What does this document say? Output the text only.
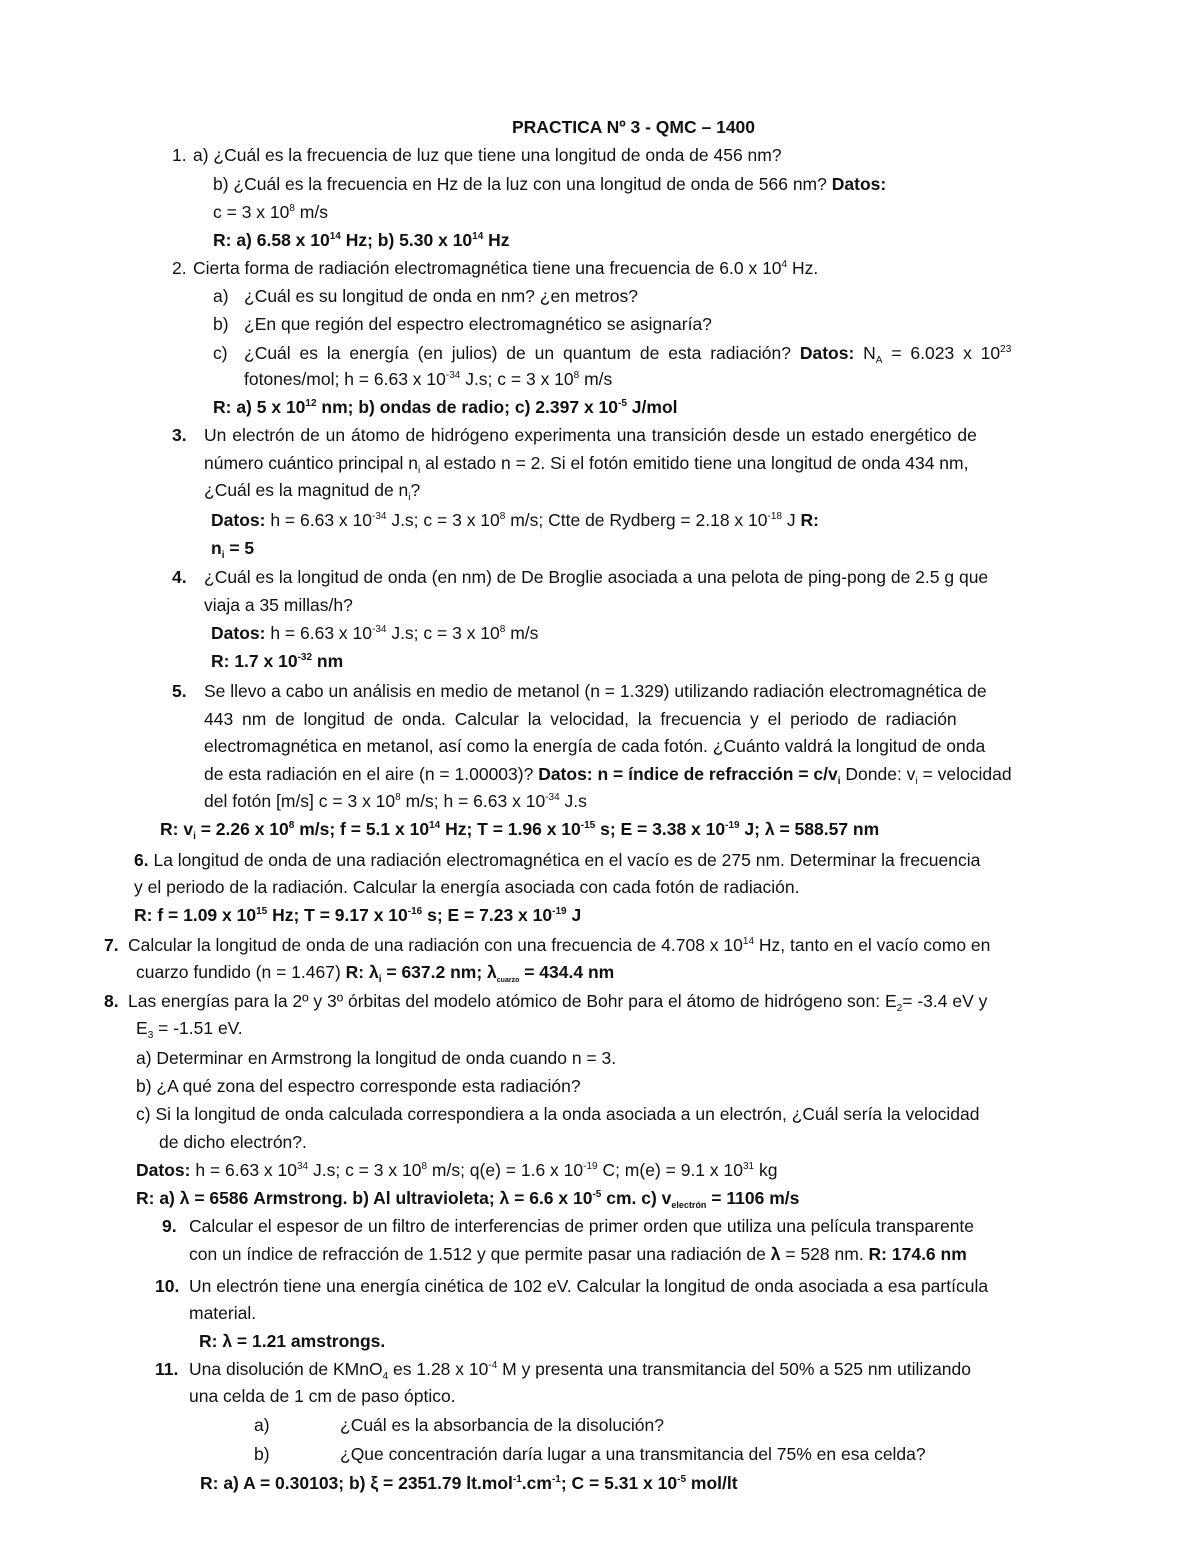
PRACTICA Nº 3 - QMC – 1400
1. a) ¿Cuál es la frecuencia de luz que tiene una longitud de onda de 456 nm?
b) ¿Cuál es la frecuencia en Hz de la luz con una longitud de onda de 566 nm? Datos:
c = 3 x $10^8$ m/s
R: a) 6.58 x $10^{14}$ Hz; b) 5.30 x $10^{14}$ Hz
2. Cierta forma de radiación electromagnética tiene una frecuencia de 6.0 x $10^4$ Hz.
a) ¿Cuál es su longitud de onda en nm? ¿en metros?
b) ¿En que región del espectro electromagnético se asignaría?
c) ¿Cuál es la energía (en julios) de un quantum de esta radiación? Datos: $N_A = 6.023$ x $10^{23}$
fotones/mol; h = 6.63 x $10^{-34}$ J.s; c = 3 x $10^8$ m/s
R: a) 5 x $10^{12}$ nm; b) ondas de radio; c) 2.397 x $10^{-5}$ J/mol
3. Un electrón de un átomo de hidrógeno experimenta una transición desde un estado energético de
número cuántico principal $n_i$ al estado n = 2. Si el fotón emitido tiene una longitud de onda 434 nm,
¿Cuál es la magnitud de $n_i$?
Datos: h = 6.63 x $10^{-34}$ J.s; c = 3 x $10^8$ m/s; Ctte de Rydberg = 2.18 x $10^{-18}$ J R:
$n_i = 5$
4. ¿Cuál es la longitud de onda (en nm) de De Broglie asociada a una pelota de ping-pong de 2.5 g que
viaja a 35 millas/h?
Datos: h = 6.63 x $10^{-34}$ J.s; c = 3 x $10^8$ m/s
R: 1.7 x $10^{-32}$ nm
5. Se llevo a cabo un análisis en medio de metanol (n = 1.329) utilizando radiación electromagnética de
443 nm de longitud de onda. Calcular la velocidad, la frecuencia y el periodo de radiación
electromagnética en metanol, así como la energía de cada fotón. ¿Cuánto valdrá la longitud de onda
de esta radiación en el aire (n = 1.00003)? Datos: n = índice de refracción = $c/v_i$ Donde: $v_i$ = velocidad
del fotón [m/s] c = 3 x $10^8$ m/s; h = 6.63 x $10^{-34}$ J.s
R: $v_i = 2.26$ x $10^8$ m/s; f = 5.1 x $10^{14}$ Hz; T = 1.96 x $10^{-15}$ s; E = 3.38 x $10^{-19}$ J; λ = 588.57 nm
6. La longitud de onda de una radiación electromagnética en el vacío es de 275 nm. Determinar la frecuencia
y el periodo de la radiación. Calcular la energía asociada con cada fotón de radiación.
R: f = 1.09 x $10^{15}$ Hz; T = 9.17 x $10^{-16}$ s; E = 7.23 x $10^{-19}$ J
7. Calcular la longitud de onda de una radiación con una frecuencia de 4.708 x $10^{14}$ Hz, tanto en el vacío como en
cuarzo fundido (n = 1.467) R: $\lambda_i = 637.2$ nm; $\lambda_{cuarzo} = 434.4$ nm
8. Las energías para la 2º y 3º órbitas del modelo atómico de Bohr para el átomo de hidrógeno son: $E_2= -3.4$ eV y
$E_3 = -1.51$ eV.
a) Determinar en Armstrong la longitud de onda cuando n = 3.
b) ¿A qué zona del espectro corresponde esta radiación?
c) Si la longitud de onda calculada correspondiera a la onda asociada a un electrón, ¿Cuál sería la velocidad
de dicho electrón?.
Datos: h = 6.63 x $10^{34}$ J.s; c = 3 x $10^8$ m/s; q(e) = 1.6 x $10^{-19}$ C; m(e) = 9.1 x $10^{31}$ kg
R: a) λ = 6586 Armstrong. b) Al ultravioleta; λ = 6.6 x $10^{-5}$ cm. c) $v_{electrón} = 1106$ m/s
9. Calcular el espesor de un filtro de interferencias de primer orden que utiliza una película transparente
con un índice de refracción de 1.512 y que permite pasar una radiación de λ = 528 nm. R: 174.6 nm
10. Un electrón tiene una energía cinética de 102 eV. Calcular la longitud de onda asociada a esa partícula
material.
R: λ = 1.21 amstrongs.
11. Una disolución de KMnO$_4$ es 1.28 x $10^{-4}$ M y presenta una transmitancia del 50% a 525 nm utilizando
una celda de 1 cm de paso óptico.
a)	¿Cuál es la absorbancia de la disolución?
b)	¿Que concentración daría lugar a una transmitancia del 75% en esa celda?
R: a) A = 0.30103; b) ξ = 2351.79 $lt.mol^{-1}.cm^{-1}$; C = 5.31 x $10^{-5}$ mol/lt
